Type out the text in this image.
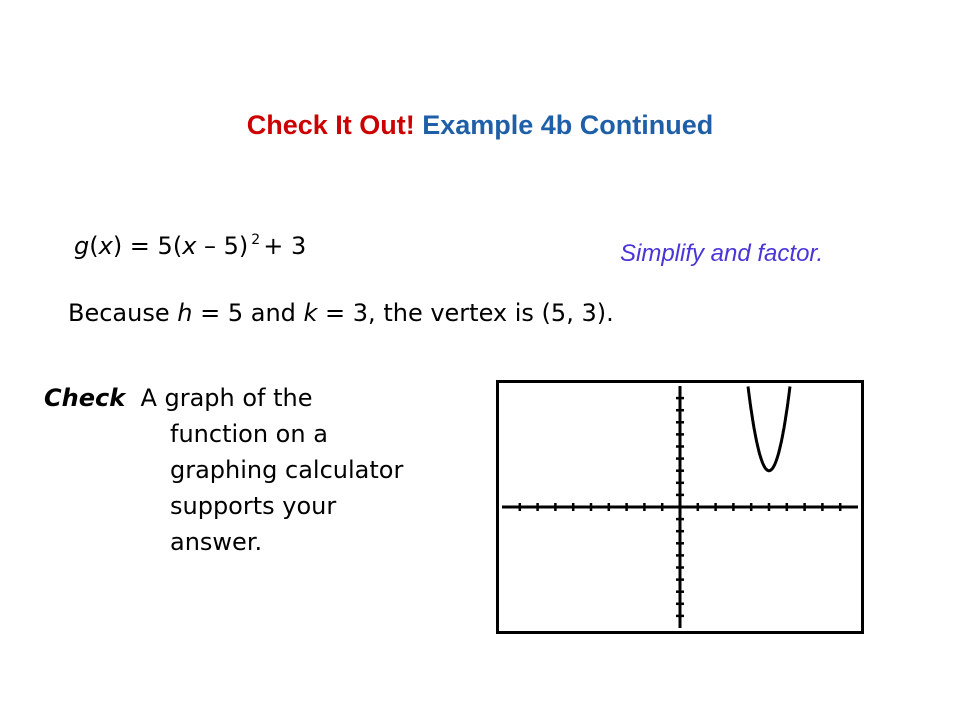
Check It Out! Example 4b Continued
g(x) = 5(x – 5) $^2$ + 3	Simplify and factor.
Because h = 5 and k = 3, the vertex is (5, 3).
Check A graph of the
function on a
graphing calculator
supports your
answer.
